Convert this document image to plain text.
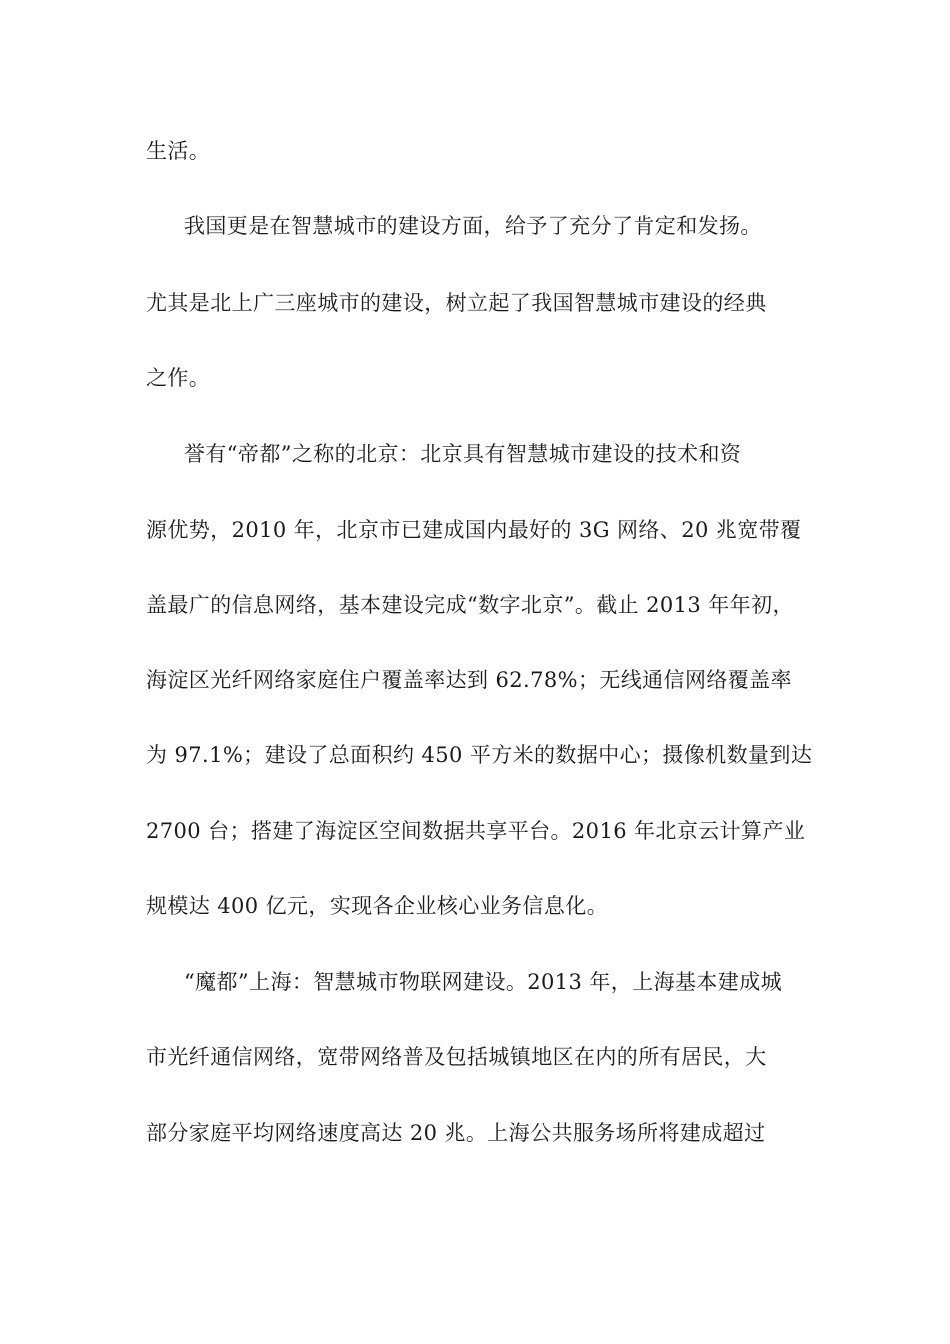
生活。
我国更是在智慧城市的建设方面，给予了充分了肯定和发扬。
尤其是北上广三座城市的建设，树立起了我国智慧城市建设的经典
之作。
誉有“帝都”之称的北京：北京具有智慧城市建设的技术和资
源优势，2010 年，北京市已建成国内最好的 3G 网络、20 兆宽带覆
盖最广的信息网络，基本建设完成“数字北京”。截止 2013 年年初，
海淀区光纤网络家庭住户覆盖率达到 62.78%；无线通信网络覆盖率
为 97.1%；建设了总面积约 450 平方米的数据中心；摄像机数量到达
2700 台；搭建了海淀区空间数据共享平台。2016 年北京云计算产业
规模达 400 亿元，实现各企业核心业务信息化。
“魔都”上海：智慧城市物联网建设。2013 年，上海基本建成城
市光纤通信网络，宽带网络普及包括城镇地区在内的所有居民，大
部分家庭平均网络速度高达 20 兆。上海公共服务场所将建成超过
